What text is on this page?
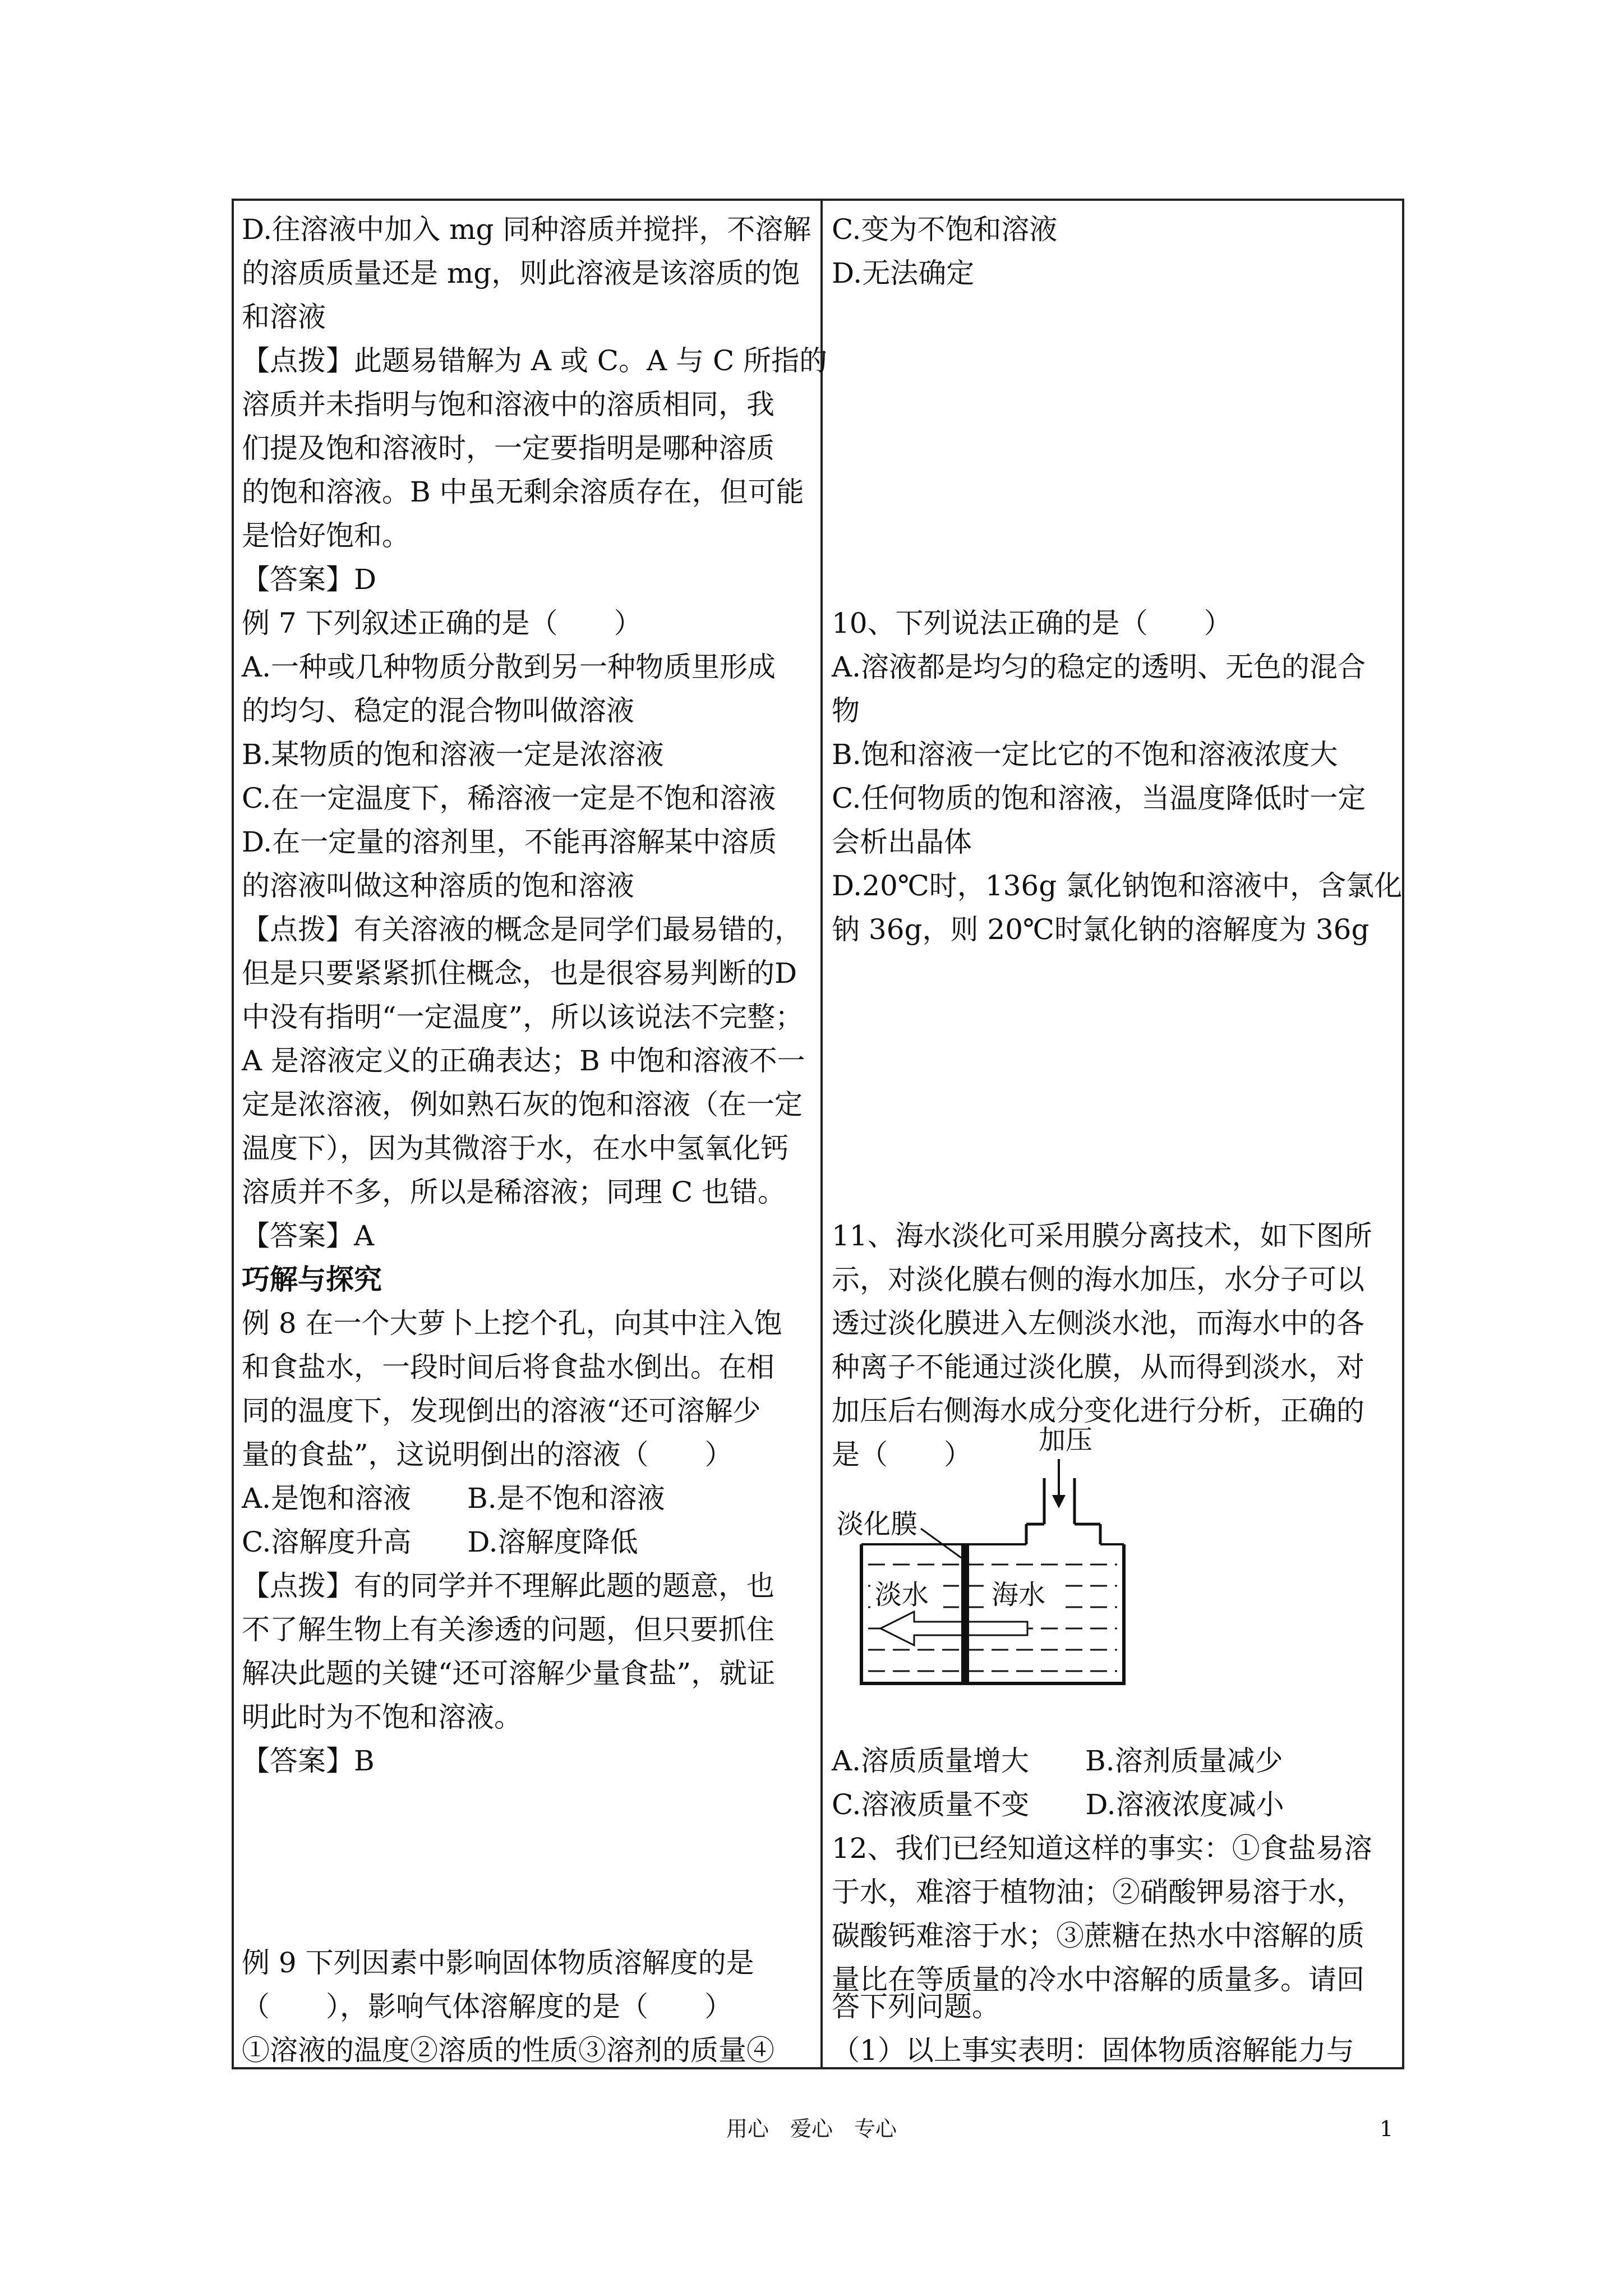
D.往溶液中加入 mg 同种溶质并搅拌，不溶解
的溶质质量还是 mg，则此溶液是该溶质的饱
和溶液
【点拨】此题易错解为 A 或 C。A 与 C 所指的
溶质并未指明与饱和溶液中的溶质相同，我
们提及饱和溶液时，一定要指明是哪种溶质
的饱和溶液。B 中虽无剩余溶质存在，但可能
是恰好饱和。
【答案】D
例 7 下列叙述正确的是（　　）
A.一种或几种物质分散到另一种物质里形成
的均匀、稳定的混合物叫做溶液
B.某物质的饱和溶液一定是浓溶液
C.在一定温度下，稀溶液一定是不饱和溶液
D.在一定量的溶剂里，不能再溶解某中溶质
的溶液叫做这种溶质的饱和溶液
【点拨】有关溶液的概念是同学们最易错的，
但是只要紧紧抓住概念，也是很容易判断的D
中没有指明“一定温度”，所以该说法不完整；
A 是溶液定义的正确表达；B 中饱和溶液不一
定是浓溶液，例如熟石灰的饱和溶液（在一定
温度下），因为其微溶于水，在水中氢氧化钙
溶质并不多，所以是稀溶液；同理 C 也错。
【答案】A
巧解与探究
例 8 在一个大萝卜上挖个孔，向其中注入饱
和食盐水，一段时间后将食盐水倒出。在相
同的温度下，发现倒出的溶液“还可溶解少
量的食盐”，这说明倒出的溶液（　　）
A.是饱和溶液　　B.是不饱和溶液
C.溶解度升高　　D.溶解度降低
【点拨】有的同学并不理解此题的题意，也
不了解生物上有关渗透的问题，但只要抓住
解决此题的关键“还可溶解少量食盐”，就证
明此时为不饱和溶液。
【答案】B
例 9 下列因素中影响固体物质溶解度的是
（　　），影响气体溶解度的是（　　）
①溶液的温度②溶质的性质③溶剂的质量④
C.变为不饱和溶液
D.无法确定
10、下列说法正确的是（　　）
A.溶液都是均匀的稳定的透明、无色的混合
物
B.饱和溶液一定比它的不饱和溶液浓度大
C.任何物质的饱和溶液，当温度降低时一定
会析出晶体
D.20℃时，136g 氯化钠饱和溶液中，含氯化
钠 36g，则 20℃时氯化钠的溶解度为 36g
11、海水淡化可采用膜分离技术，如下图所
示，对淡化膜右侧的海水加压，水分子可以
透过淡化膜进入左侧淡水池，而海水中的各
种离子不能通过淡化膜，从而得到淡水，对
加压后右侧海水成分变化进行分析，正确的
是（　　）
A.溶质质量增大　　B.溶剂质量减少
C.溶液质量不变　　D.溶液浓度减小
12、我们已经知道这样的事实：①食盐易溶
于水，难溶于植物油；②硝酸钾易溶于水，
碳酸钙难溶于水；③蔗糖在热水中溶解的质
量比在等质量的冷水中溶解的质量多。请回
答下列问题。
（1）以上事实表明：固体物质溶解能力与
加压
淡化膜
淡水 海水
用心　爱心　专心	1
